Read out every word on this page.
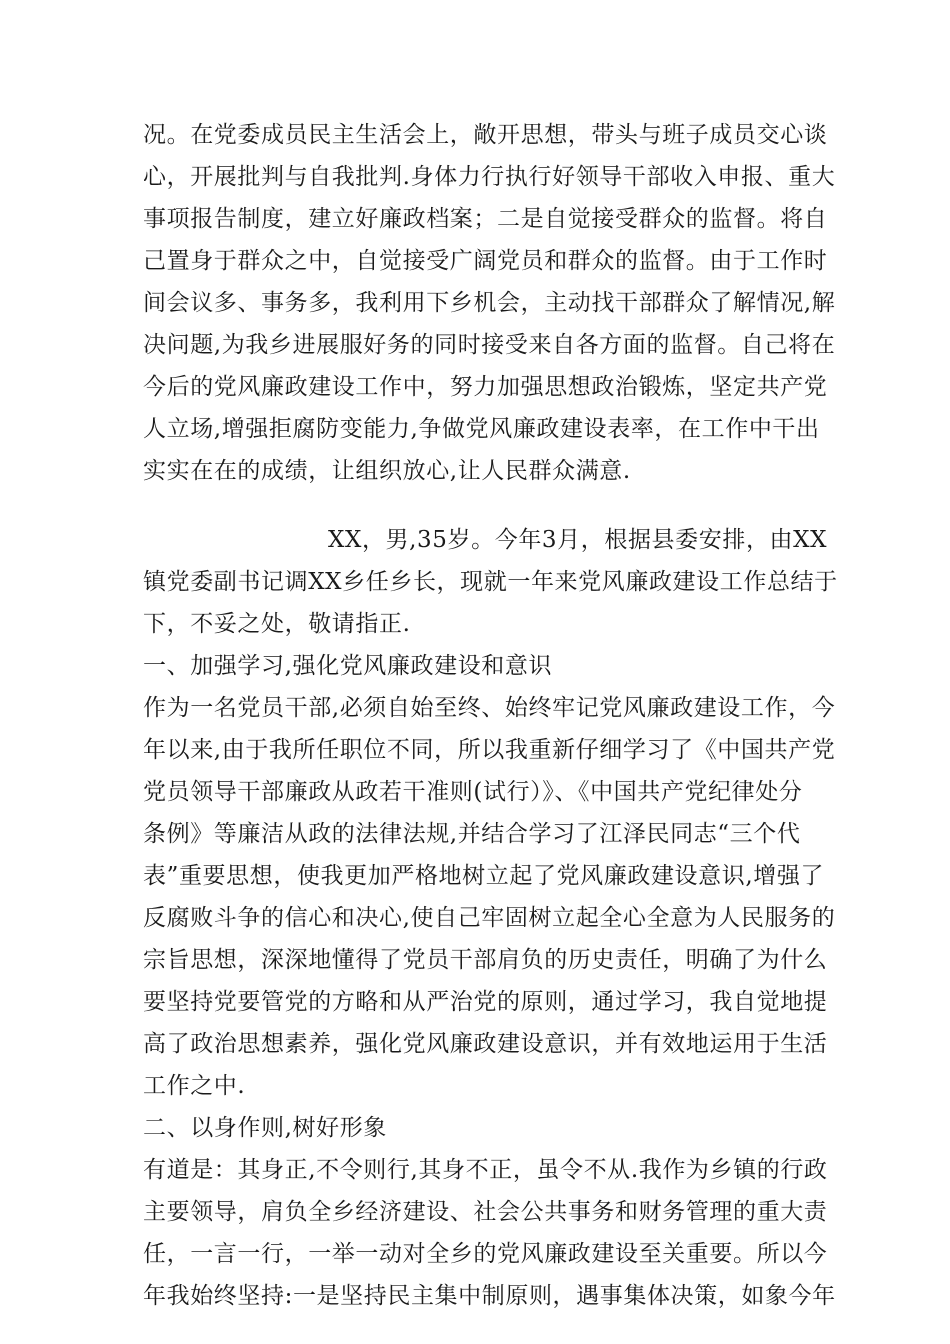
况。在党委成员民主生活会上，敞开思想，带头与班子成员交心谈
心，开展批判与自我批判.身体力行执行好领导干部收入申报、重大
事项报告制度，建立好廉政档案；二是自觉接受群众的监督。将自
己置身于群众之中，自觉接受广阔党员和群众的监督。由于工作时
间会议多、事务多，我利用下乡机会，主动找干部群众了解情况,解
决问题,为我乡进展服好务的同时接受来自各方面的监督。自己将在
今后的党风廉政建设工作中，努力加强思想政治锻炼，坚定共产党
人立场,增强拒腐防变能力,争做党风廉政建设表率，在工作中干出
实实在在的成绩，让组织放心,让人民群众满意.
XX，男,35岁。今年3月，根据县委安排，由XX
镇党委副书记调XX乡任乡长，现就一年来党风廉政建设工作总结于
下，不妥之处，敬请指正.
一、加强学习,强化党风廉政建设和意识
作为一名党员干部,必须自始至终、始终牢记党风廉政建设工作，今
年以来,由于我所任职位不同，所以我重新仔细学习了《中国共产党
党员领导干部廉政从政若干准则(试行）》、《中国共产党纪律处分
条例》等廉洁从政的法律法规,并结合学习了江泽民同志“三个代
表”重要思想，使我更加严格地树立起了党风廉政建设意识,增强了
反腐败斗争的信心和决心,使自己牢固树立起全心全意为人民服务的
宗旨思想，深深地懂得了党员干部肩负的历史责任，明确了为什么
要坚持党要管党的方略和从严治党的原则，通过学习，我自觉地提
高了政治思想素养，强化党风廉政建设意识，并有效地运用于生活
工作之中.
二、以身作则,树好形象
有道是：其身正,不令则行,其身不正，虽令不从.我作为乡镇的行政
主要领导，肩负全乡经济建设、社会公共事务和财务管理的重大责
任，一言一行，一举一动对全乡的党风廉政建设至关重要。所以今
年我始终坚持:一是坚持民主集中制原则，遇事集体决策，如象今年
